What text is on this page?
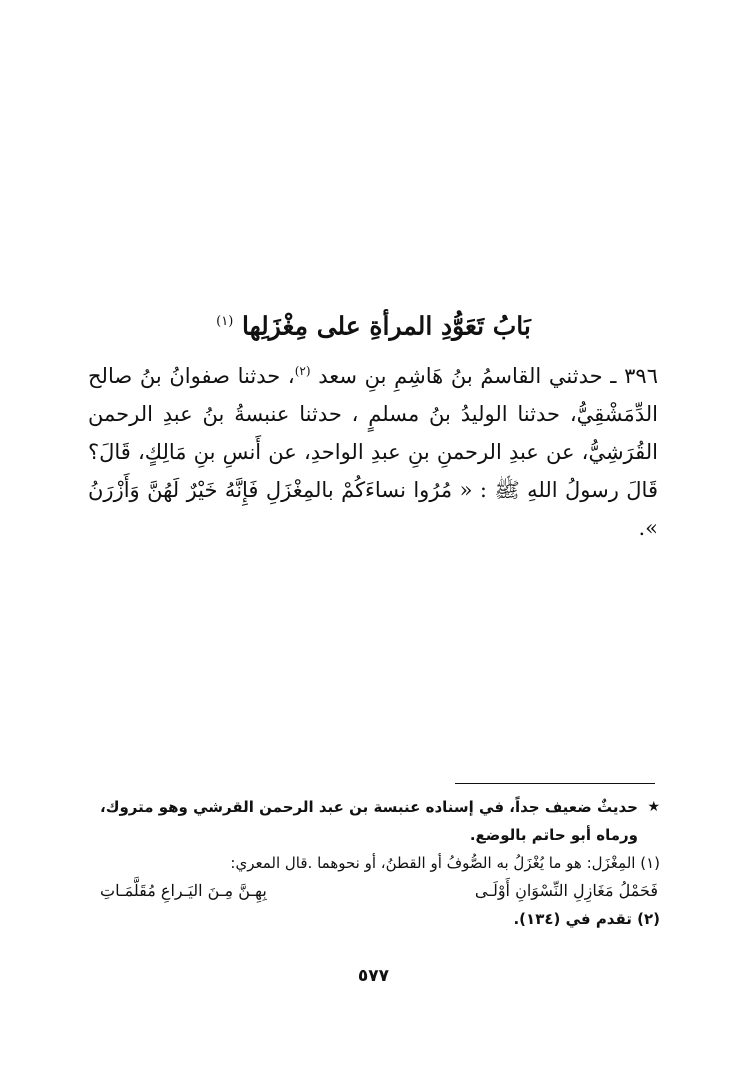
بَابُ تَعَوُّدِ المرأةِ على مِغْزَلِها $^{(١)}$
٣٩٦ ـ حدثني القاسمُ بنُ هَاشِمِ بنِ سعد $^{(٢)}$، حدثنا صفوانُ بنُ صالح الدِّمَشْقِيُّ، حدثنا الوليدُ بنُ مسلمٍ ، حدثنا عنبسةُ بنُ عبدِ الرحمن القُرَشِيُّ، عن عبدِ الرحمنِ بنِ عبدِ الواحدِ، عن أَنسِ بنِ مَالِكٍ، قَالَ؟ قَالَ رسولُ اللهِ ﷺ : « مُرُوا نساءَكُمْ بالمِغْزَلِ فَإِنَّهُ خَيْرٌ لَهُنَّ وَأَزْرَنُ ».
★
حديثٌ ضعيف جداً، في إسناده عنبسة بن عبد الرحمن القرشي وهو متروك، ورماه أبو حاتم بالوضع.

(١) المِغْزَل: هو ما يُغْزَلُ به الصُّوفُ أو القطنُ، أو نحوهما .قال المعري:

فَحَمْلُ مَغَازِلِ النِّسْوَانِ أَوْلَـى
بِهِـنَّ مِـنَ اليَـراعِ مُقَلَّمَـاتِ

(٢) تقدم في (١٣٤).

٥٧٧
